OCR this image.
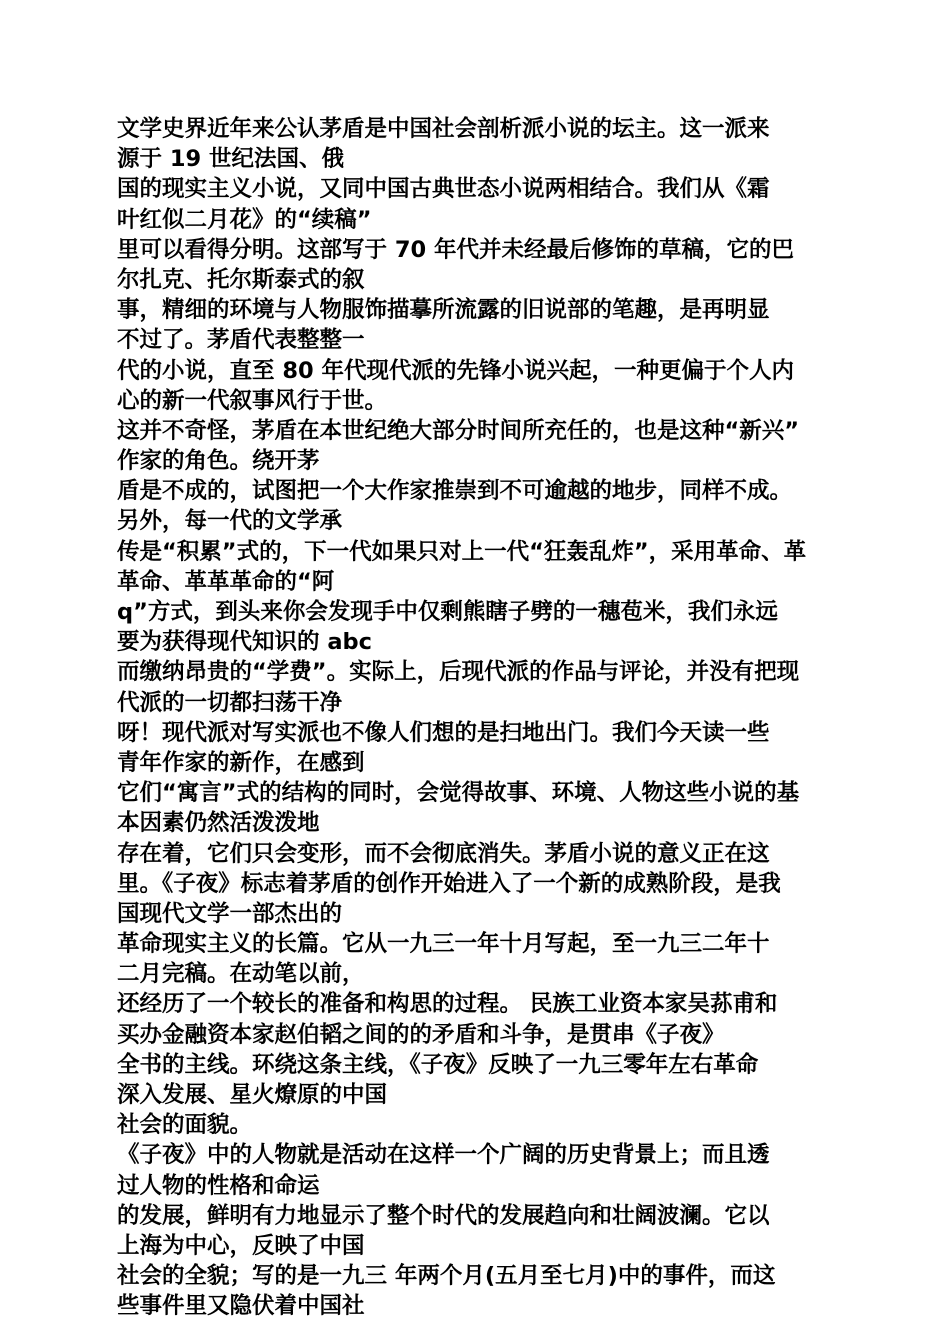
文学史界近年来公认茅盾是中国社会剖析派小说的坛主。这一派来
源于 19 世纪法国、俄
国的现实主义小说，又同中国古典世态小说两相结合。我们从《霜
叶红似二月花》的“续稿”
里可以看得分明。这部写于 70 年代并未经最后修饰的草稿，它的巴
尔扎克、托尔斯泰式的叙
事，精细的环境与人物服饰描摹所流露的旧说部的笔趣，是再明显
不过了。茅盾代表整整一
代的小说，直至 80 年代现代派的先锋小说兴起，一种更偏于个人内
心的新一代叙事风行于世。
这并不奇怪，茅盾在本世纪绝大部分时间所充任的，也是这种“新兴”
作家的角色。绕开茅
盾是不成的，试图把一个大作家推崇到不可逾越的地步，同样不成。
另外，每一代的文学承
传是“积累”式的，下一代如果只对上一代“狂轰乱炸”，采用革命、革
革命、革革革命的“阿
q”方式，到头来你会发现手中仅剩熊瞎子劈的一穗苞米，我们永远
要为获得现代知识的 abc
而缴纳昂贵的“学费”。实际上，后现代派的作品与评论，并没有把现
代派的一切都扫荡干净
呀！现代派对写实派也不像人们想的是扫地出门。我们今天读一些
青年作家的新作，在感到
它们“寓言”式的结构的同时，会觉得故事、环境、人物这些小说的基
本因素仍然活泼泼地
存在着，它们只会变形，而不会彻底消失。茅盾小说的意义正在这
里。《子夜》标志着茅盾的创作开始进入了一个新的成熟阶段，是我
国现代文学一部杰出的
革命现实主义的长篇。它从一九三一年十月写起，至一九三二年十
二月完稿。在动笔以前，
还经历了一个较长的准备和构思的过程。 民族工业资本家吴荪甫和
买办金融资本家赵伯韬之间的的矛盾和斗争，是贯串《子夜》
全书的主线。环绕这条主线，《子夜》反映了一九三零年左右革命
深入发展、星火燎原的中国
社会的面貌。
《子夜》中的人物就是活动在这样一个广阔的历史背景上；而且透
过人物的性格和命运
的发展，鲜明有力地显示了整个时代的发展趋向和壮阔波澜。它以
上海为中心，反映了中国
社会的全貌；写的是一九三 年两个月(五月至七月)中的事件，而这
些事件里又隐伏着中国社
